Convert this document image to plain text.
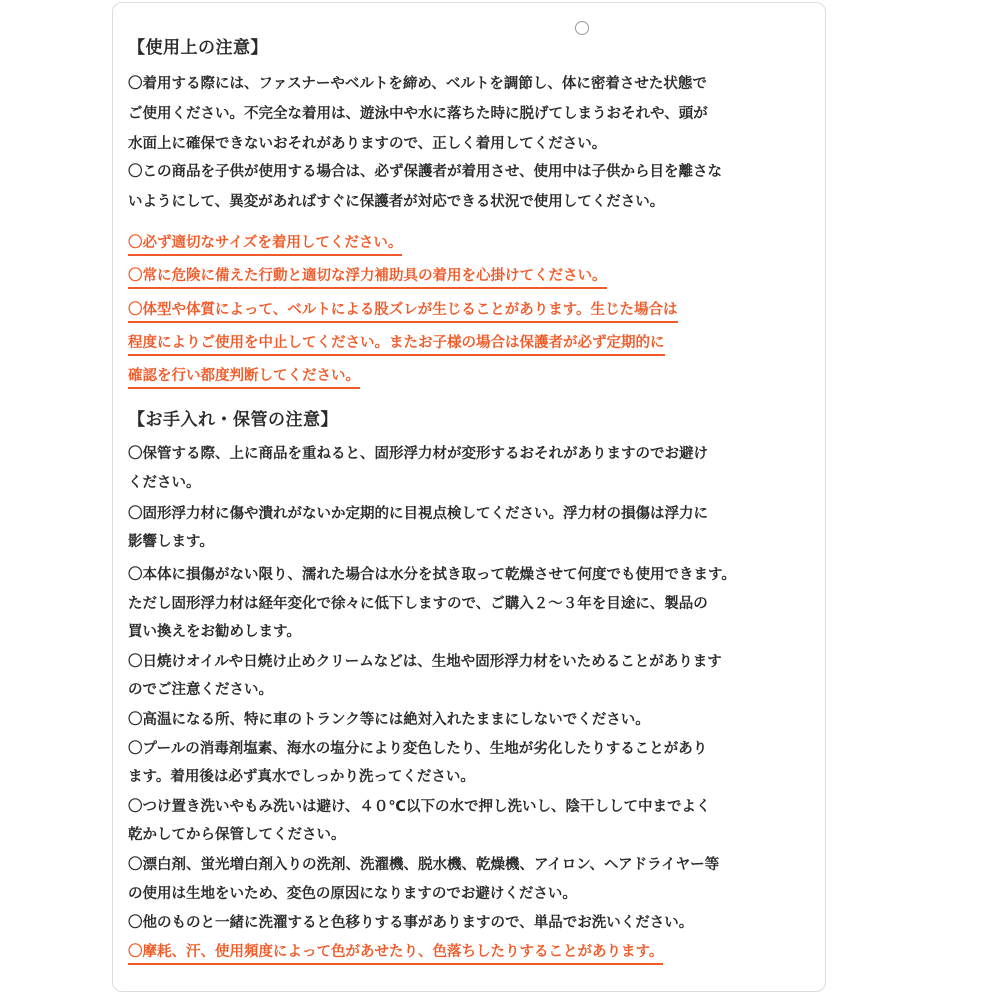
【使用上の注意】

〇着用する際には、ファスナーやベルトを締め、ベルトを調節し、体に密着させた状態で

ご使用ください。不完全な着用は、遊泳中や水に落ちた時に脱げてしまうおそれや、頭が

水面上に確保できないおそれがありますので、正しく着用してください。

〇この商品を子供が使用する場合は、必ず保護者が着用させ、使用中は子供から目を離さな

いようにして、異変があればすぐに保護者が対応できる状況で使用してください。

〇必ず適切なサイズを着用してください。

〇常に危険に備えた行動と適切な浮力補助具の着用を心掛けてください。

〇体型や体質によって、ベルトによる股ズレが生じることがあります。生じた場合は

程度によりご使用を中止してください。またお子様の場合は保護者が必ず定期的に

確認を行い都度判断してください。

【お手入れ・保管の注意】

〇保管する際、上に商品を重ねると、固形浮力材が変形するおそれがありますのでお避け

ください。

〇固形浮力材に傷や潰れがないか定期的に目視点検してください。浮力材の損傷は浮力に

影響します。

〇本体に損傷がない限り、濡れた場合は水分を拭き取って乾燥させて何度でも使用できます。

ただし固形浮力材は経年変化で徐々に低下しますので、ご購入２～３年を目途に、製品の

買い換えをお勧めします。

〇日焼けオイルや日焼け止めクリームなどは、生地や固形浮力材をいためることがあります

のでご注意ください。

〇高温になる所、特に車のトランク等には絶対入れたままにしないでください。

〇プールの消毒剤塩素、海水の塩分により変色したり、生地が劣化したりすることがあり

ます。着用後は必ず真水でしっかり洗ってください。

〇つけ置き洗いやもみ洗いは避け、４０℃以下の水で押し洗いし、陰干しして中までよく

乾かしてから保管してください。

〇漂白剤、蛍光増白剤入りの洗剤、洗濯機、脱水機、乾燥機、アイロン、ヘアドライヤー等

の使用は生地をいため、変色の原因になりますのでお避けください。

〇他のものと一緒に洗濯すると色移りする事がありますので、単品でお洗いください。

〇摩耗、汗、使用頻度によって色があせたり、色落ちしたりすることがあります。
